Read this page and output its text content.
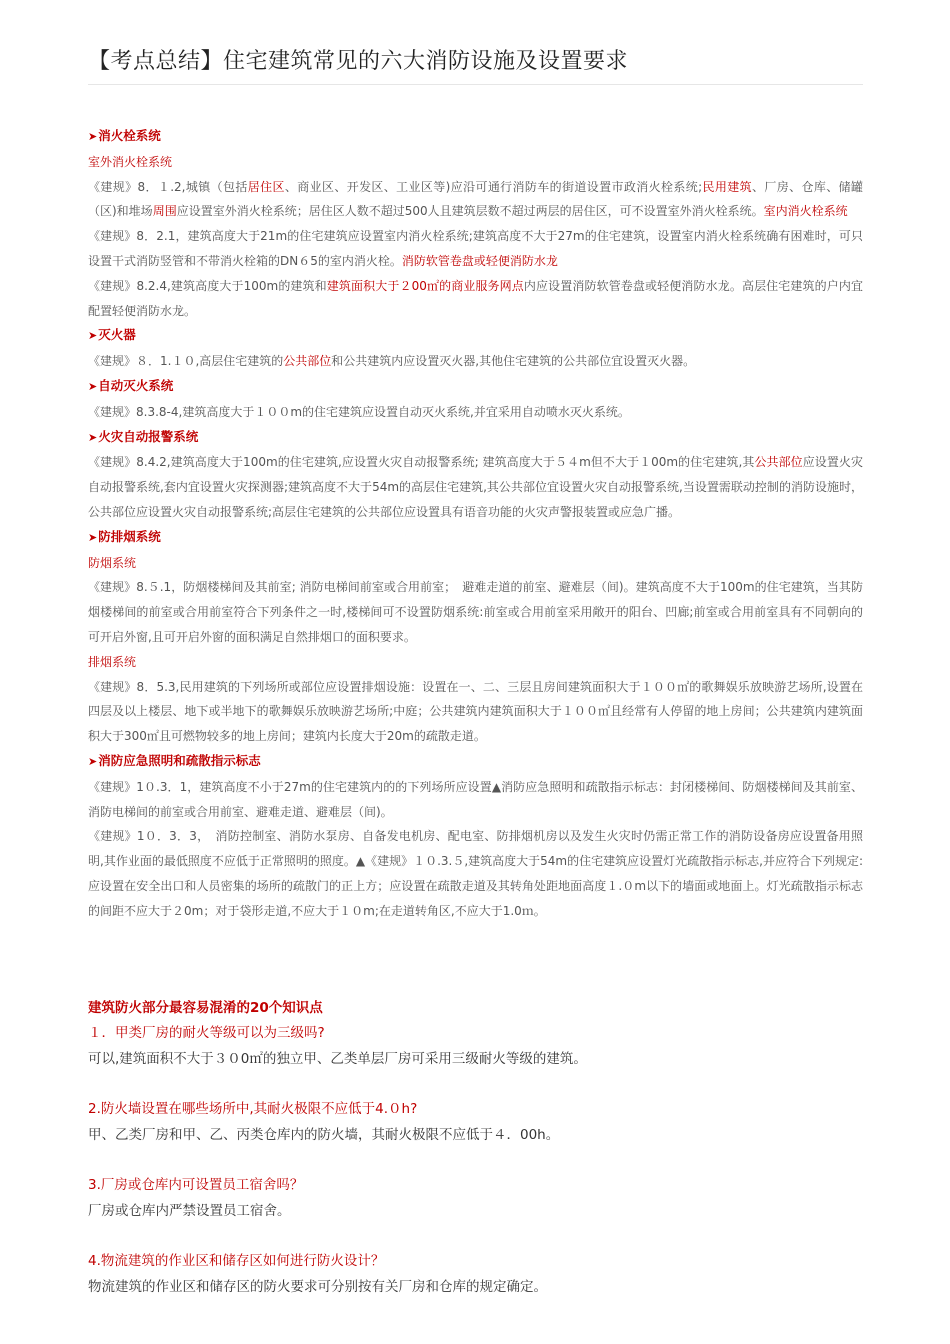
【考点总结】住宅建筑常见的六大消防设施及设置要求

➤消火栓系统

室外消火栓系统

《建规》8．１.2,城镇（包括居住区、商业区、开发区、工业区等)应沿可通行消防车的街道设置市政消火栓系统;民用建筑、厂房、仓库、储罐（区)和堆场周围应设置室外消火栓系统；居住区人数不超过500人且建筑层数不超过两层的居住区，可不设置室外消火栓系统。室内消火栓系统

《建规》8．2.1，建筑高度大于21m的住宅建筑应设置室内消火栓系统;建筑高度不大于27m的住宅建筑，设置室内消火栓系统确有困难时，可只设置干式消防竖管和不带消火栓箱的DN６5的室内消火栓。消防软管卷盘或轻便消防水龙

《建规》8.2.4,建筑高度大于100m的建筑和建筑面积大于２00㎡的商业服务网点内应设置消防软管卷盘或轻便消防水龙。高层住宅建筑的户内宜配置轻便消防水龙。

➤灭火器

《建规》８．1.１０,高层住宅建筑的公共部位和公共建筑内应设置灭火器,其他住宅建筑的公共部位宜设置灭火器。

➤自动灭火系统

《建规》8.3.8-4,建筑高度大于１００m的住宅建筑应设置自动灭火系统,并宜采用自动喷水灭火系统。

➤火灾自动报警系统

《建规》8.4.2,建筑高度大于100m的住宅建筑,应设置火灾自动报警系统; 建筑高度大于５４m但不大于１00m的住宅建筑,其公共部位应设置火灾自动报警系统,套内宜设置火灾探测器;建筑高度不大于54m的高层住宅建筑,其公共部位宜设置火灾自动报警系统,当设置需联动控制的消防设施时，公共部位应设置火灾自动报警系统;高层住宅建筑的公共部位应设置具有语音功能的火灾声警报装置或应急广播。

➤防排烟系统

防烟系统

《建规》8.５.1，防烟楼梯间及其前室; 消防电梯间前室或合用前室；　避难走道的前室、避难层（间)。建筑高度不大于100m的住宅建筑，当其防烟楼梯间的前室或合用前室符合下列条件之一时,楼梯间可不设置防烟系统:前室或合用前室采用敞开的阳台、凹廊;前室或合用前室具有不同朝向的可开启外窗,且可开启外窗的面积满足自然排烟口的面积要求。

排烟系统

《建规》8．5.3,民用建筑的下列场所或部位应设置排烟设施：设置在一、二、三层且房间建筑面积大于１００㎡的歌舞娱乐放映游艺场所,设置在四层及以上楼层、地下或半地下的歌舞娱乐放映游艺场所;中庭；公共建筑内建筑面积大于１００㎡且经常有人停留的地上房间；公共建筑内建筑面积大于300㎡且可燃物较多的地上房间；建筑内长度大于20m的疏散走道。

➤消防应急照明和疏散指示标志

《建规》1０.3．1，建筑高度不小于27m的住宅建筑内的的下列场所应设置▲消防应急照明和疏散指示标志：封闭楼梯间、防烟楼梯间及其前室、消防电梯间的前室或合用前室、避难走道、避难层（间)。

《建规》1０．3．3，　消防控制室、消防水泵房、自备发电机房、配电室、防排烟机房以及发生火灾时仍需正常工作的消防设备房应设置备用照明,其作业面的最低照度不应低于正常照明的照度。▲《建规》１０.3.５,建筑高度大于54m的住宅建筑应设置灯光疏散指示标志,并应符合下列规定:应设置在安全出口和人员密集的场所的疏散门的正上方；应设置在疏散走道及其转角处距地面高度１.０m以下的墙面或地面上。灯光疏散指示标志的间距不应大于２0m；对于袋形走道,不应大于１０m;在走道转角区,不应大于1.0ｍ。

建筑防火部分最容易混淆的20个知识点

１．甲类厂房的耐火等级可以为三级吗?

可以,建筑面积不大于３０0㎡的独立甲、乙类单层厂房可采用三级耐火等级的建筑。

2.防火墙设置在哪些场所中,其耐火极限不应低于4.０h?

甲、乙类厂房和甲、乙、丙类仓库内的防火墙，其耐火极限不应低于４．00h。

3.厂房或仓库内可设置员工宿舍吗？

厂房或仓库内严禁设置员工宿舍。

4.物流建筑的作业区和储存区如何进行防火设计？

物流建筑的作业区和储存区的防火要求可分别按有关厂房和仓库的规定确定。
